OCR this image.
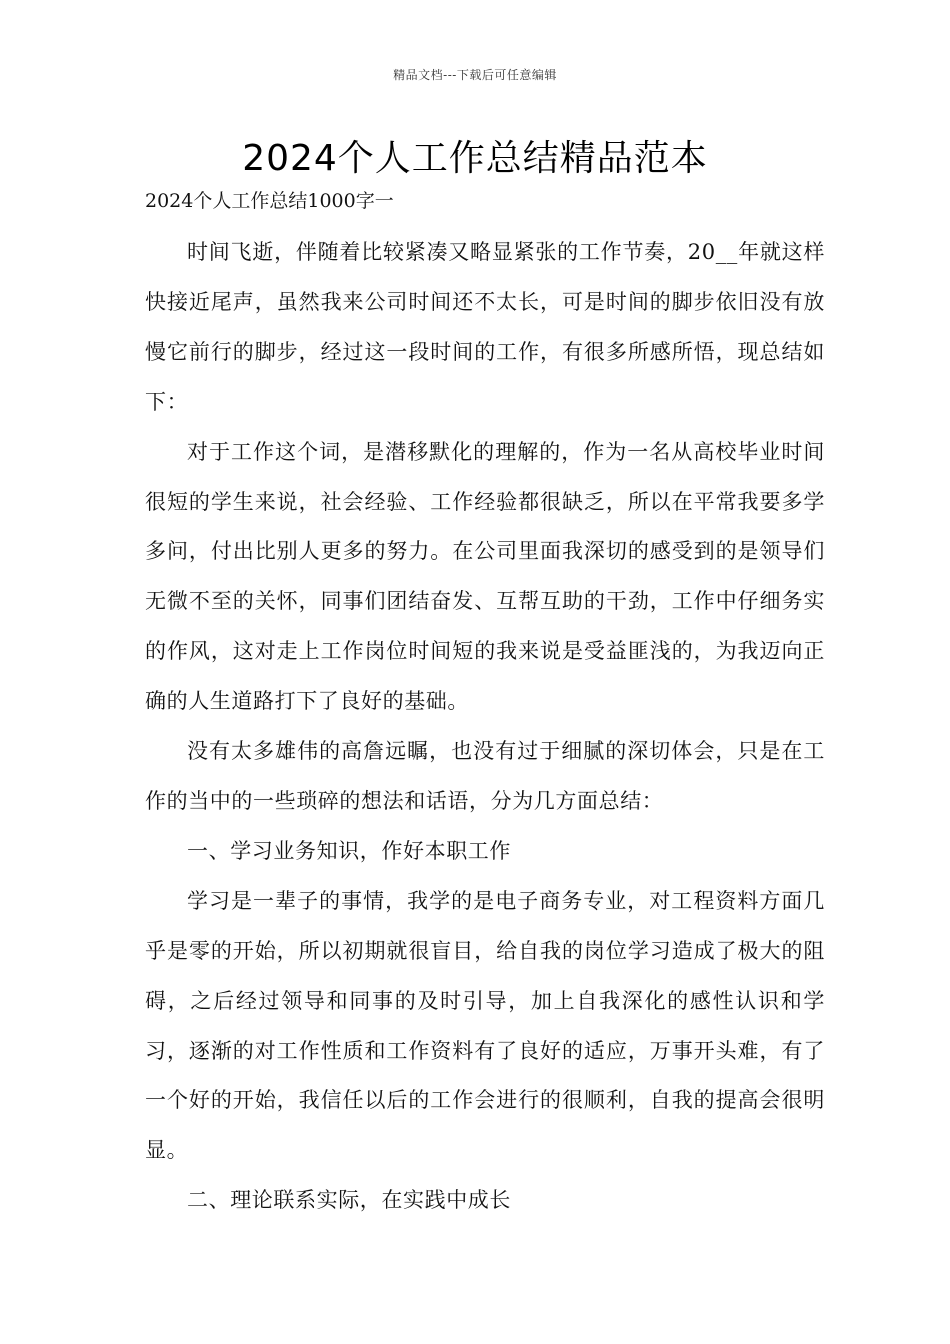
精品文档---下载后可任意编辑
2024个人工作总结精品范本
2024个人工作总结1000字一

时间飞逝，伴随着比较紧凑又略显紧张的工作节奏，20__年就这样快接近尾声，虽然我来公司时间还不太长，可是时间的脚步依旧没有放慢它前行的脚步，经过这一段时间的工作，有很多所感所悟，现总结如下：

对于工作这个词，是潜移默化的理解的，作为一名从高校毕业时间很短的学生来说，社会经验、工作经验都很缺乏，所以在平常我要多学多问，付出比别人更多的努力。在公司里面我深切的感受到的是领导们无微不至的关怀，同事们团结奋发、互帮互助的干劲，工作中仔细务实的作风，这对走上工作岗位时间短的我来说是受益匪浅的，为我迈向正确的人生道路打下了良好的基础。

没有太多雄伟的高詹远瞩，也没有过于细腻的深切体会，只是在工作的当中的一些琐碎的想法和话语，分为几方面总结：

一、学习业务知识，作好本职工作

学习是一辈子的事情，我学的是电子商务专业，对工程资料方面几乎是零的开始，所以初期就很盲目，给自我的岗位学习造成了极大的阻碍，之后经过领导和同事的及时引导，加上自我深化的感性认识和学习，逐渐的对工作性质和工作资料有了良好的适应，万事开头难，有了一个好的开始，我信任以后的工作会进行的很顺利，自我的提高会很明显。

二、理论联系实际，在实践中成长
